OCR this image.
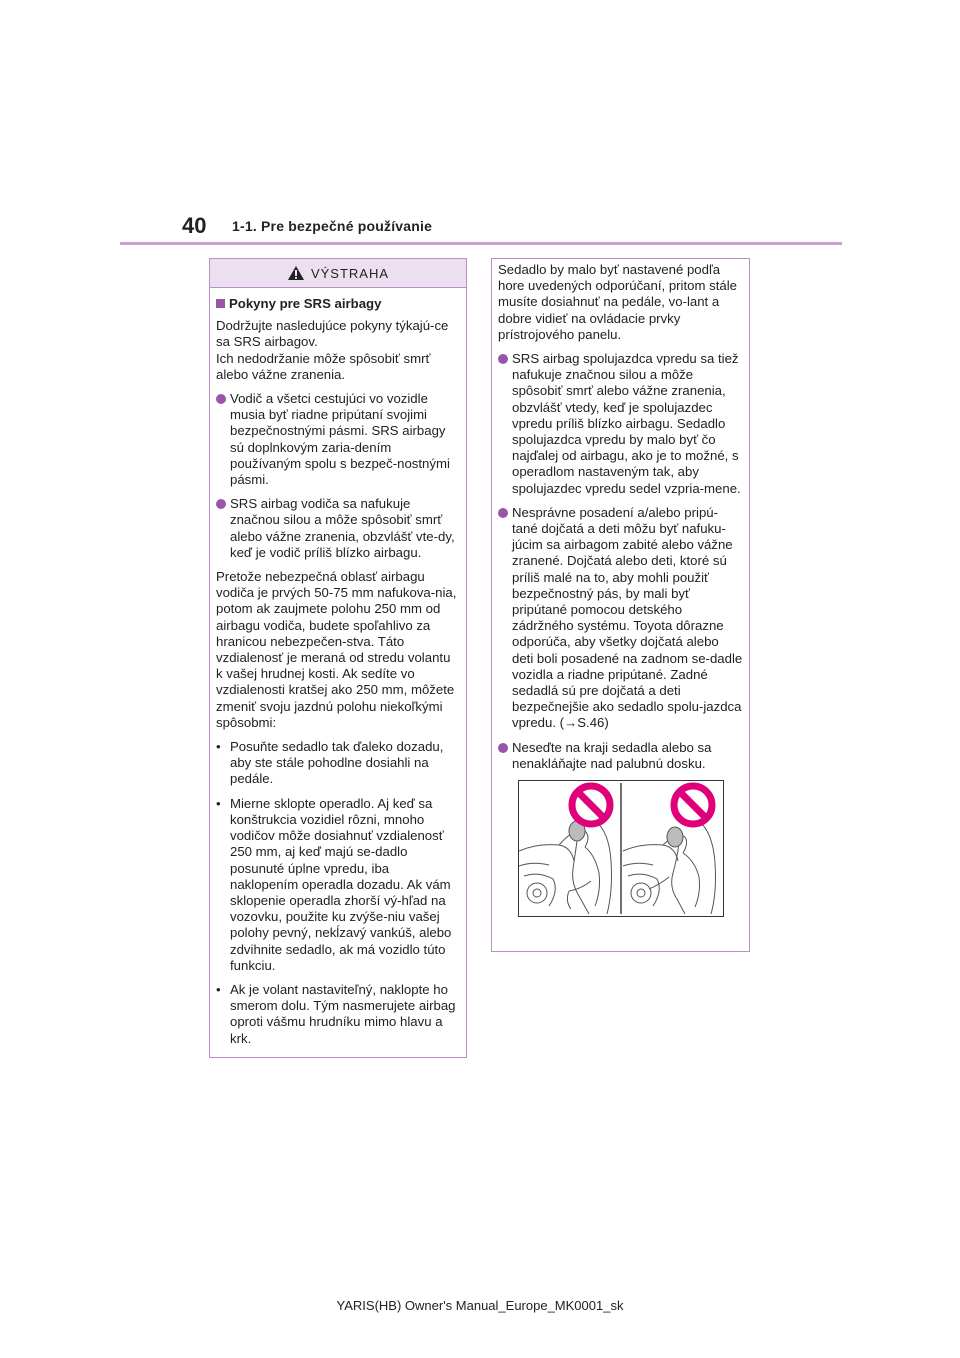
40 1-1. Pre bezpečné používanie
VÝSTRAHA
Pokyny pre SRS airbagy

Dodržujte nasledujúce pokyny týkajú-ce sa SRS airbagov.

Ich nedodržanie môže spôsobiť smrť alebo vážne zranenia.

Vodič a všetci cestujúci vo vozidle musia byť riadne pripútaní svojimi bezpečnostnými pásmi. SRS airbagy sú doplnkovým zaria-dením používaným spolu s bezpeč-nostnými pásmi.
SRS airbag vodiča sa nafukuje značnou silou a môže spôsobiť smrť alebo vážne zranenia, obzvlášť vte-dy, keď je vodič príliš blízko airbagu.

Pretože nebezpečná oblasť airbagu vodiča je prvých 50-75 mm nafukova-nia, potom ak zaujmete polohu 250 mm od airbagu vodiča, budete spoľahlivo za hranicou nebezpečen-stva. Táto vzdialenosť je meraná od stredu volantu k vašej hrudnej kosti. Ak sedíte vo vzdialenosti kratšej ako 250 mm, môžete zmeniť svoju jazdnú polohu niekoľkými spôsobmi:

• Posuňte sedadlo tak ďaleko dozadu, aby ste stále pohodlne dosiahli na pedále.
• Mierne sklopte operadlo. Aj keď sa konštrukcia vozidiel rôzni, mnoho vodičov môže dosiahnuť vzdialenosť 250 mm, aj keď majú se-dadlo posunuté úplne vpredu, iba naklopením operadla dozadu. Ak vám sklopenie operadla zhorší vý-hľad na vozovku, použite ku zvýše-niu vašej polohy pevný, nekĺzavý vankúš, alebo zdvihnite sedadlo, ak má vozidlo túto funkciu.
• Ak je volant nastaviteľný, naklopte ho smerom dolu. Tým nasmerujete airbag oproti vášmu hrudníku mimo hlavu a krk.

Sedadlo by malo byť nastavené podľa hore uvedených odporúčaní, pritom stále musíte dosiahnuť na pedále, vo-lant a dobre vidieť na ovládacie prvky prístrojového panelu.

SRS airbag spolujazdca vpredu sa tiež nafukuje značnou silou a môže spôsobiť smrť alebo vážne zranenia, obzvlášť vtedy, keď je spolujazdec vpredu príliš blízko airbagu. Sedadlo spolujazdca vpredu by malo byť čo najďalej od airbagu, ako je to možné, s operadlom nastaveným tak, aby spolujazdec vpredu sedel vzpria-mene.
Nesprávne posadení a/alebo pripú-tané dojčatá a deti môžu byť nafuku-júcim sa airbagom zabité alebo vážne zranené. Dojčatá alebo deti, ktoré sú príliš malé na to, aby mohli použiť bezpečnostný pás, by mali byť pripútané pomocou detského zádržného systému. Toyota dôrazne odporúča, aby všetky dojčatá alebo deti boli posadené na zadnom se-dadle vozidla a riadne pripútané. Zadné sedadlá sú pre dojčatá a deti bezpečnejšie ako sedadlo spolu-jazdca vpredu. (→S.46)
Neseďte na kraji sedadla alebo sa nenakláňajte nad palubnú dosku.
YARIS(HB) Owner's Manual_Europe_MK0001_sk
